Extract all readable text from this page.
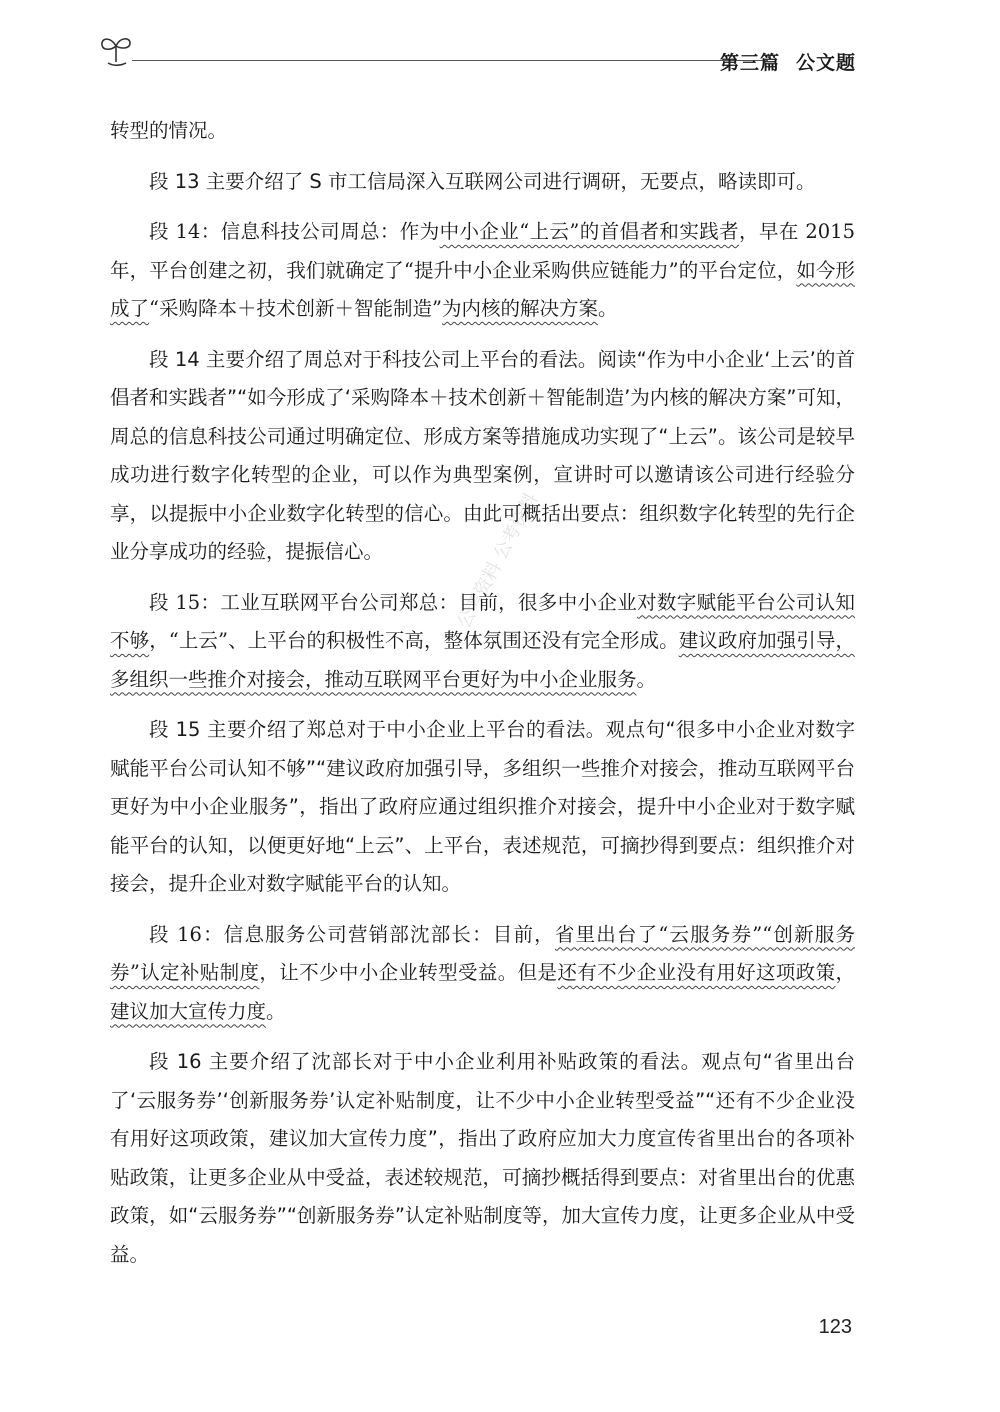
第三篇 公文题
公考资料 公考资料

转型的情况。

段 13 主要介绍了 S 市工信局深入互联网公司进行调研，无要点，略读即可。

段 14：信息科技公司周总：作为中小企业“上云”的首倡者和实践者，早在 2015 年，平台创建之初，我们就确定了“提升中小企业采购供应链能力”的平台定位，如今形成了“采购降本＋技术创新＋智能制造”为内核的解决方案。

段 14 主要介绍了周总对于科技公司上平台的看法。阅读“作为中小企业‘上云’的首倡者和实践者”“如今形成了‘采购降本＋技术创新＋智能制造’为内核的解决方案”可知，周总的信息科技公司通过明确定位、形成方案等措施成功实现了“上云”。该公司是较早成功进行数字化转型的企业，可以作为典型案例，宣讲时可以邀请该公司进行经验分享，以提振中小企业数字化转型的信心。由此可概括出要点：组织数字化转型的先行企业分享成功的经验，提振信心。

段 15：工业互联网平台公司郑总：目前，很多中小企业对数字赋能平台公司认知不够，“上云”、上平台的积极性不高，整体氛围还没有完全形成。建议政府加强引导，多组织一些推介对接会，推动互联网平台更好为中小企业服务。

段 15 主要介绍了郑总对于中小企业上平台的看法。观点句“很多中小企业对数字赋能平台公司认知不够”“建议政府加强引导，多组织一些推介对接会，推动互联网平台更好为中小企业服务”，指出了政府应通过组织推介对接会，提升中小企业对于数字赋能平台的认知，以便更好地“上云”、上平台，表述规范，可摘抄得到要点：组织推介对接会，提升企业对数字赋能平台的认知。

段 16：信息服务公司营销部沈部长：目前，省里出台了“云服务券”“创新服务券”认定补贴制度，让不少中小企业转型受益。但是还有不少企业没有用好这项政策，建议加大宣传力度。

段 16 主要介绍了沈部长对于中小企业利用补贴政策的看法。观点句“省里出台了‘云服务券’‘创新服务券’认定补贴制度，让不少中小企业转型受益”“还有不少企业没有用好这项政策，建议加大宣传力度”，指出了政府应加大力度宣传省里出台的各项补贴政策，让更多企业从中受益，表述较规范，可摘抄概括得到要点：对省里出台的优惠政策，如“云服务券”“创新服务券”认定补贴制度等，加大宣传力度，让更多企业从中受益。

123
